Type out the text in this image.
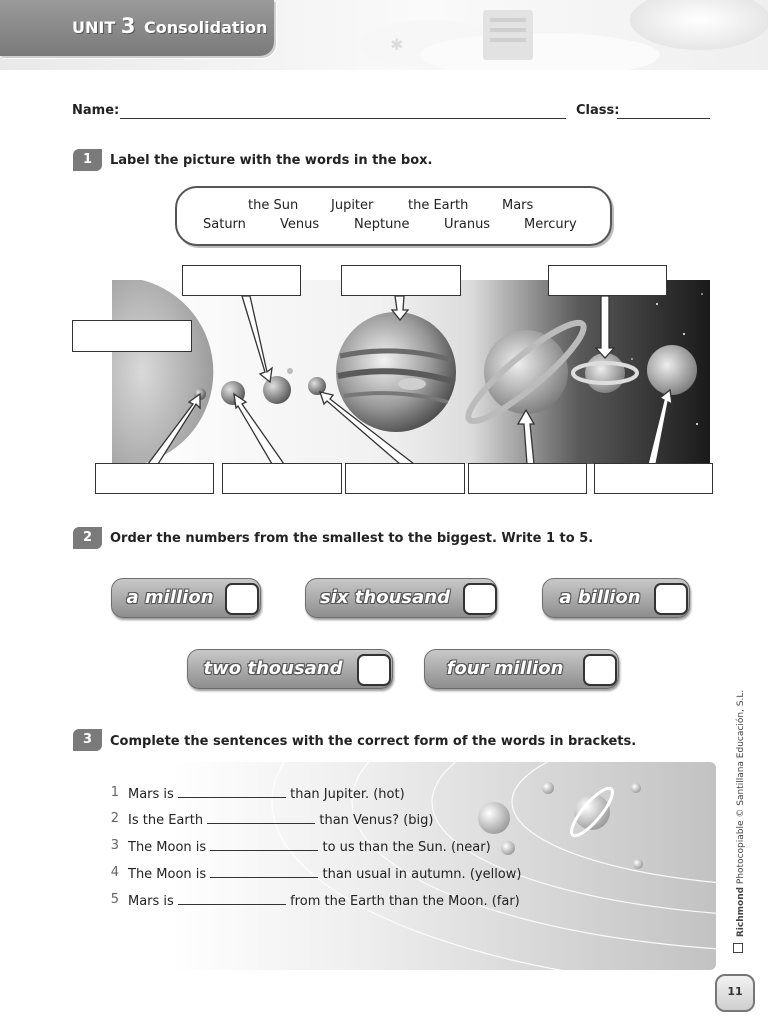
✱
UNIT 3 Consolidation
Name:	Class:
1	Label the picture with the words in the box.
the Sun	Jupiter	the Earth	Mars
Saturn	Venus	Neptune	Uranus	Mercury
2	Order the numbers from the smallest to the biggest. Write 1 to 5.
a million	six thousand	a billion
two thousand	four million
3	Complete the sentences with the correct form of the words in brackets.
1 Mars is	than Jupiter. (hot)
2 Is the Earth	than Venus? (big)
3 The Moon is	to us than the Sun. (near)
4 The Moon is	than usual in autumn. (yellow)
5 Mars is	from the Earth than the Moon. (far)	Richmond Photocopiable © Santillana Educación, S.L.
11
